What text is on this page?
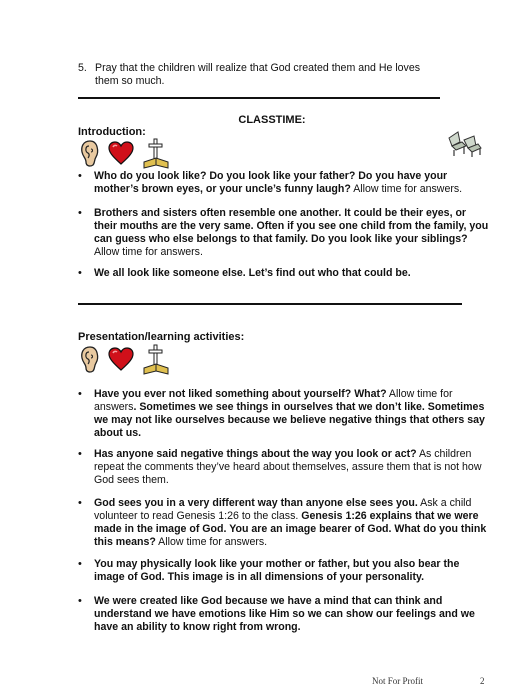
5. Pray that the children will realize that God created them and He loves them so much.
CLASSTIME:
Introduction:
•	Who do you look like? Do you look like your father? Do you have your mother’s brown eyes, or your uncle’s funny laugh? Allow time for answers.
•	Brothers and sisters often resemble one another. It could be their eyes, or their mouths are the very same. Often if you see one child from the family, you can guess who else belongs to that family. Do you look like your siblings? Allow time for answers.
•	We all look like someone else. Let’s find out who that could be.
Presentation/learning activities:
•	Have you ever not liked something about yourself? What? Allow time for answers. Sometimes we see things in ourselves that we don’t like. Sometimes we may not like ourselves because we believe negative things that others say about us.
•	Has anyone said negative things about the way you look or act? As children repeat the comments they’ve heard about themselves, assure them that is not how God sees them.
•	God sees you in a very different way than anyone else sees you. Ask a child volunteer to read Genesis 1:26 to the class. Genesis 1:26 explains that we were made in the image of God. You are an image bearer of God. What do you think this means? Allow time for answers.
•	You may physically look like your mother or father, but you also bear the image of God. This image is in all dimensions of your personality.
•	We were created like God because we have a mind that can think and understand we have emotions like Him so we can show our feelings and we have an ability to know right from wrong.
Not For Profit	2
